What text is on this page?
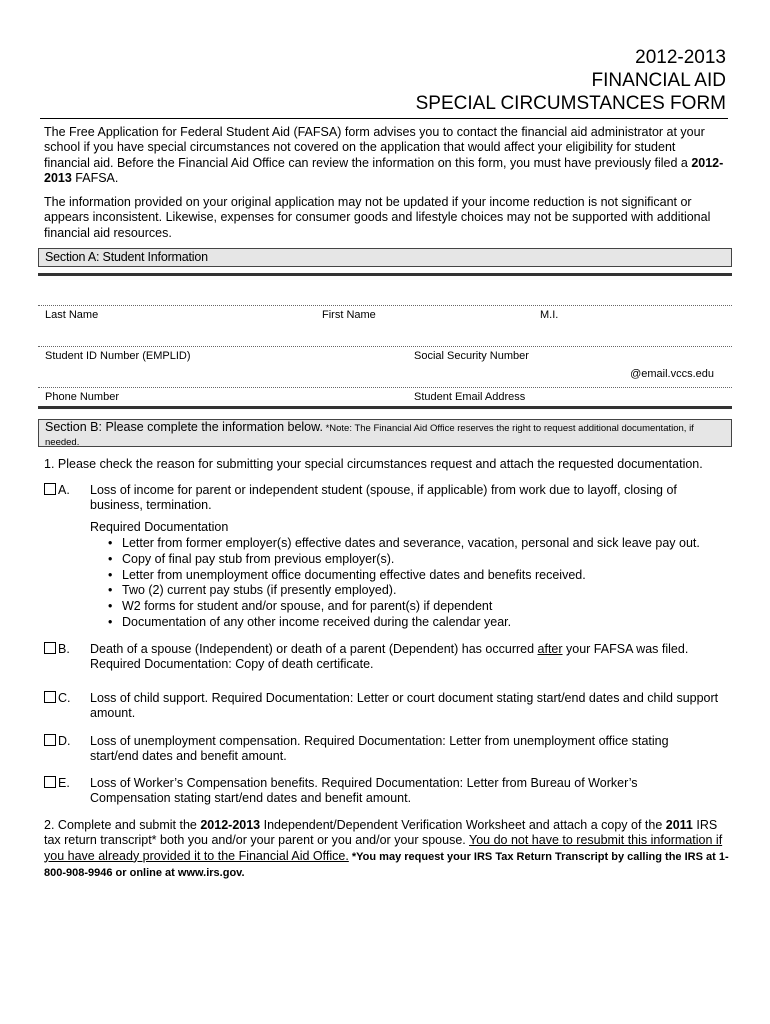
2012-2013
FINANCIAL AID
SPECIAL CIRCUMSTANCES FORM
The Free Application for Federal Student Aid (FAFSA) form advises you to contact the financial aid administrator at your school if you have special circumstances not covered on the application that would affect your eligibility for student financial aid. Before the Financial Aid Office can review the information on this form, you must have previously filed a 2012-2013 FAFSA.
The information provided on your original application may not be updated if your income reduction is not significant or appears inconsistent. Likewise, expenses for consumer goods and lifestyle choices may not be supported with additional financial aid resources.
Section A: Student Information
Last Name	First Name	M.I.
Student ID Number (EMPLID)	Social Security Number
@email.vccs.edu
Phone Number	Student Email Address
Section B: Please complete the information below. *Note: The Financial Aid Office reserves the right to request additional documentation, if needed.
1. Please check the reason for submitting your special circumstances request and attach the requested documentation.
A. Loss of income for parent or independent student (spouse, if applicable) from work due to layoff, closing of business, termination.
Required Documentation
• Letter from former employer(s) effective dates and severance, vacation, personal and sick leave pay out.
• Copy of final pay stub from previous employer(s).
• Letter from unemployment office documenting effective dates and benefits received.
• Two (2) current pay stubs (if presently employed).
• W2 forms for student and/or spouse, and for parent(s) if dependent
• Documentation of any other income received during the calendar year.
B. Death of a spouse (Independent) or death of a parent (Dependent) has occurred after your FAFSA was filed. Required Documentation: Copy of death certificate.
C. Loss of child support. Required Documentation: Letter or court document stating start/end dates and child support amount.
D. Loss of unemployment compensation. Required Documentation: Letter from unemployment office stating start/end dates and benefit amount.
E. Loss of Worker’s Compensation benefits. Required Documentation: Letter from Bureau of Worker’s Compensation stating start/end dates and benefit amount.
2. Complete and submit the 2012-2013 Independent/Dependent Verification Worksheet and attach a copy of the 2011 IRS tax return transcript* both you and/or your parent or you and/or your spouse. You do not have to resubmit this information if you have already provided it to the Financial Aid Office. *You may request your IRS Tax Return Transcript by calling the IRS at 1-800-908-9946 or online at www.irs.gov.
